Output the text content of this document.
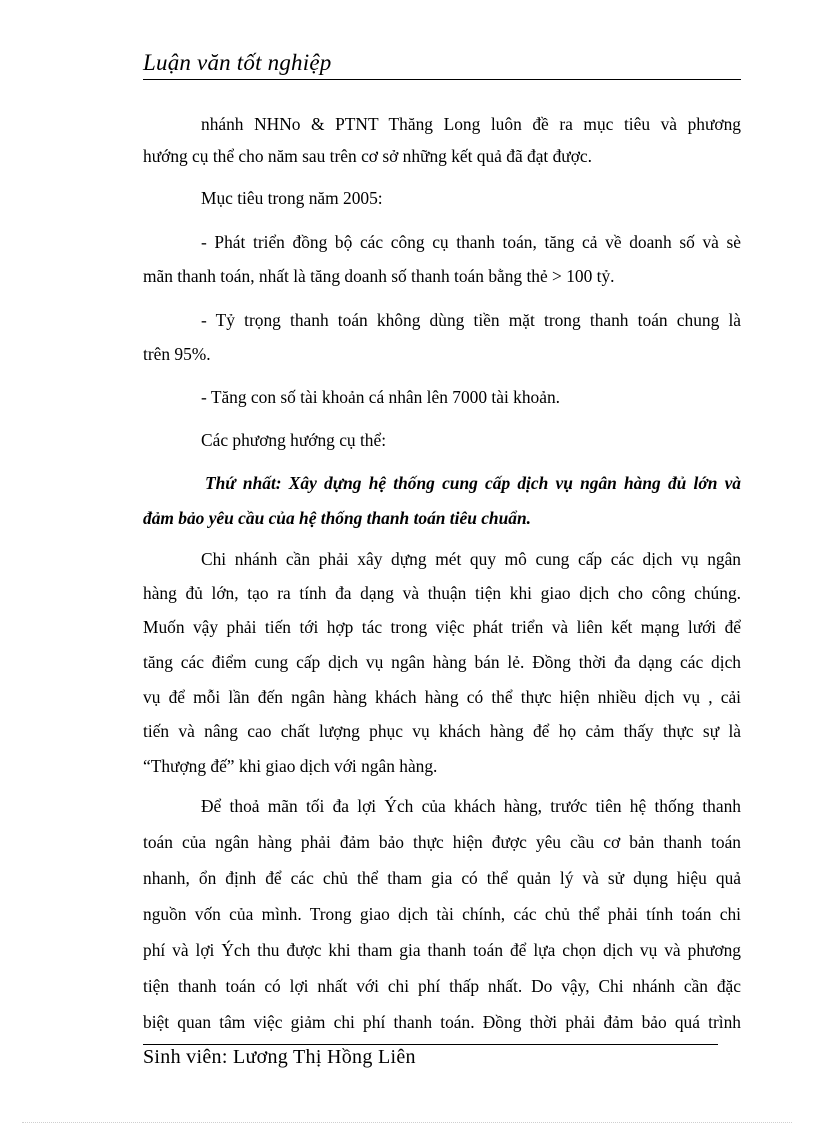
Luận văn tốt nghiệp
nhánh NHNo & PTNT Thăng Long luôn đề ra mục tiêu và phương
hướng cụ thể cho năm sau trên cơ sở những kết quả đã đạt được.
Mục tiêu trong năm 2005:
- Phát triển đồng bộ các công cụ thanh toán, tăng cả về doanh số và sè
mãn thanh toán, nhất là tăng doanh số thanh toán bằng thẻ > 100 tỷ.
- Tỷ trọng thanh toán không dùng tiền mặt trong thanh toán chung là
trên 95%.
- Tăng con số tài khoản cá nhân lên 7000 tài khoản.
Các phương hướng cụ thể:
Thứ nhất: Xây dựng hệ thống cung cấp dịch vụ ngân hàng đủ lớn và
đảm bảo yêu cầu của hệ thống thanh toán tiêu chuẩn.
Chi nhánh cần phải xây dựng mét quy mô cung cấp các dịch vụ ngân
hàng đủ lớn, tạo ra tính đa dạng và thuận tiện khi giao dịch cho công chúng.
Muốn vậy phải tiến tới hợp tác trong việc phát triển và liên kết mạng lưới để
tăng các điểm cung cấp dịch vụ ngân hàng bán lẻ. Đồng thời đa dạng các dịch
vụ để mỗi lần đến ngân hàng khách hàng có thể thực hiện nhiều dịch vụ , cải
tiến và nâng cao chất lượng phục vụ khách hàng để họ cảm thấy thực sự là
“Thượng đế” khi giao dịch với ngân hàng.
Để thoả mãn tối đa lợi Ých của khách hàng, trước tiên hệ thống thanh
toán của ngân hàng phải đảm bảo thực hiện được yêu cầu cơ bản thanh toán
nhanh, ổn định để các chủ thể tham gia có thể quản lý và sử dụng hiệu quả
nguồn vốn của mình. Trong giao dịch tài chính, các chủ thể phải tính toán chi
phí và lợi Ých thu được khi tham gia thanh toán để lựa chọn dịch vụ và phương
tiện thanh toán có lợi nhất với chi phí thấp nhất. Do vậy, Chi nhánh cần đặc
biệt quan tâm việc giảm chi phí thanh toán. Đồng thời phải đảm bảo quá trình
Sinh viên: Lương Thị Hồng Liên
